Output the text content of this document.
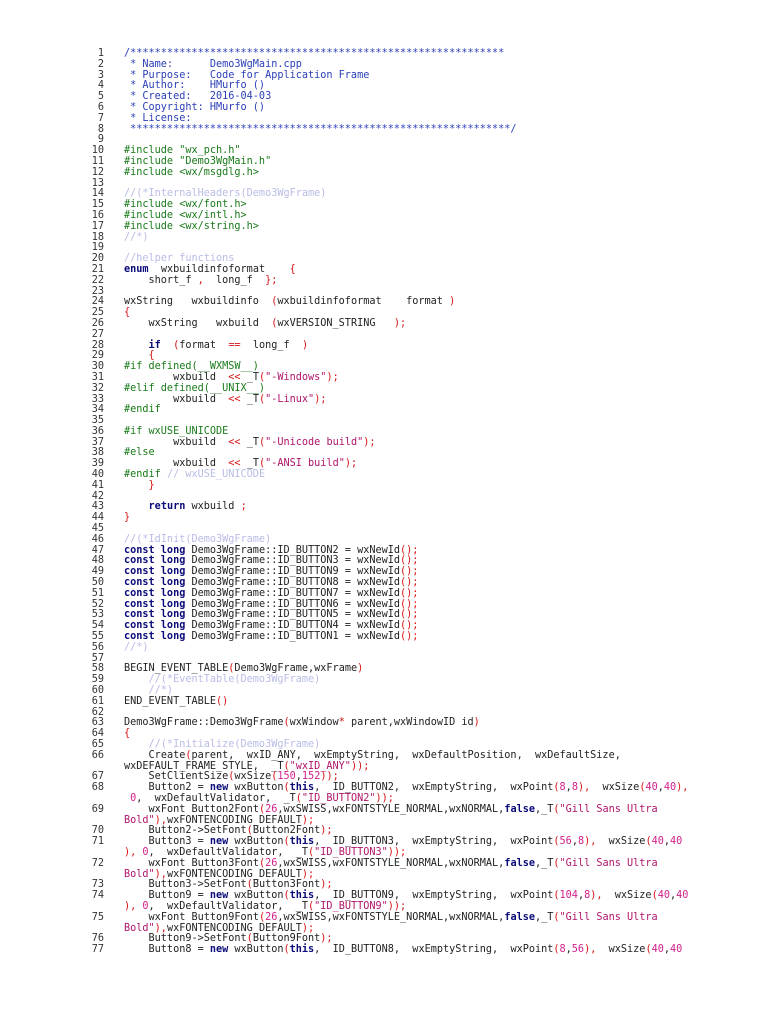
1 /*************************************************************
2 * Name:      Demo3WgMain.cpp
3 * Purpose:   Code for Application Frame
4 * Author:    HMurfo ()
5 * Created:   2016-04-03
6 * Copyright: HMurfo ()
7 * License:
8 **************************************************************/
9
10 #include "wx_pch.h"
11 #include "Demo3WgMain.h"
12 #include <wx/msgdlg.h>
13
14 //(*InternalHeaders(Demo3WgFrame)
15 #include <wx/font.h>
16 #include <wx/intl.h>
17 #include <wx/string.h>
18 //*)
19
20 //helper functions
21 enum  wxbuildinfoformat    {
22 short_f ,  long_f  };
23
24 wxString   wxbuildinfo  (wxbuildinfoformat    format )
25 {
26 wxString   wxbuild  (wxVERSION_STRING   );
27
28	if (format  ==  long_f  )
29	{
30 #if defined(__WXMSW__)
31 wxbuild  << _T("-Windows");
32 #elif defined(__UNIX__)
33 wxbuild  << _T("-Linux");
34 #endif
35
36 #if wxUSE_UNICODE
37 wxbuild  << _T("-Unicode build");
38 #else
39 wxbuild  << _T("-ANSI build");
40 #endif // wxUSE_UNICODE
41	}
42
43	return wxbuild ;
44 }
45
46 //(*IdInit(Demo3WgFrame)
47 const long Demo3WgFrame::ID_BUTTON2 = wxNewId();
48 const long Demo3WgFrame::ID_BUTTON3 = wxNewId();
49 const long Demo3WgFrame::ID_BUTTON9 = wxNewId();
50 const long Demo3WgFrame::ID_BUTTON8 = wxNewId();
51 const long Demo3WgFrame::ID_BUTTON7 = wxNewId();
52 const long Demo3WgFrame::ID_BUTTON6 = wxNewId();
53 const long Demo3WgFrame::ID_BUTTON5 = wxNewId();
54 const long Demo3WgFrame::ID_BUTTON4 = wxNewId();
55 const long Demo3WgFrame::ID_BUTTON1 = wxNewId();
56 //*)
57
58 BEGIN_EVENT_TABLE(Demo3WgFrame,wxFrame)
59 //(*EventTable(Demo3WgFrame)
60 //*)
61 END_EVENT_TABLE()
62
63 Demo3WgFrame::Demo3WgFrame(wxWindow* parent,wxWindowID id)
64 {
65 //(*Initialize(Demo3WgFrame)
66 Create(parent,  wxID_ANY,  wxEmptyString,  wxDefaultPosition,  wxDefaultSize,
wxDEFAULT_FRAME_STYLE,  _T("wxID_ANY"));
67 SetClientSize(wxSize(150,152));
68 Button2 = new wxButton(this,  ID_BUTTON2,  wxEmptyString,  wxPoint(8,8),  wxSize(40,40),
0,  wxDefaultValidator,  _T("ID_BUTTON2"));
69 wxFont Button2Font(26,wxSWISS,wxFONTSTYLE_NORMAL,wxNORMAL,false,_T("Gill Sans Ultra
Bold"),wxFONTENCODING_DEFAULT);
70 Button2->SetFont(Button2Font);
71 Button3 = new wxButton(this,  ID_BUTTON3,  wxEmptyString,  wxPoint(56,8),  wxSize(40,40
), 0,  wxDefaultValidator,  _T("ID_BUTTON3"));
72 wxFont Button3Font(26,wxSWISS,wxFONTSTYLE_NORMAL,wxNORMAL,false,_T("Gill Sans Ultra
Bold"),wxFONTENCODING_DEFAULT);
73 Button3->SetFont(Button3Font);
74 Button9 = new wxButton(this,  ID_BUTTON9,  wxEmptyString,  wxPoint(104,8),  wxSize(40,40
), 0,  wxDefaultValidator,  _T("ID_BUTTON9"));
75 wxFont Button9Font(26,wxSWISS,wxFONTSTYLE_NORMAL,wxNORMAL,false,_T("Gill Sans Ultra
Bold"),wxFONTENCODING_DEFAULT);
76 Button9->SetFont(Button9Font);
77 Button8 = new wxButton(this,  ID_BUTTON8,  wxEmptyString,  wxPoint(8,56),  wxSize(40,40
